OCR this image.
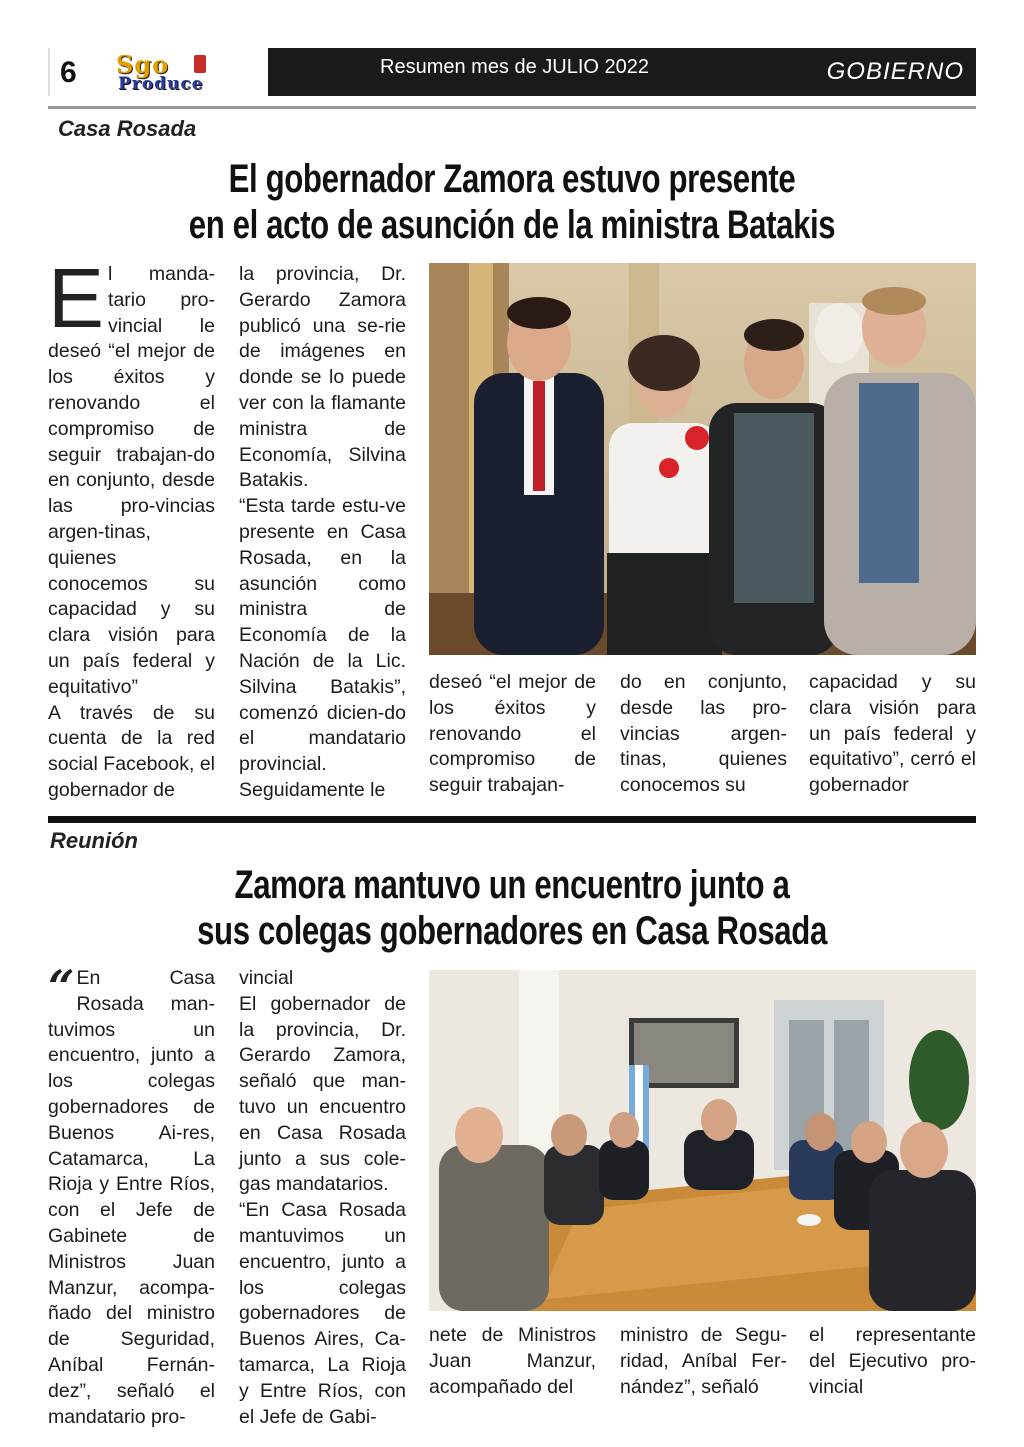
6 Sgo
Produce
Resumen mes de JULIO 2022	GOBIERNO
Casa Rosada
El gobernador Zamora estuvo presente
en el acto de asunción de la ministra Batakis
El manda-tario pro-vincial le deseó “el mejor de los éxitos y renovando el compromiso de seguir trabajan-do en conjunto, desde las pro-vincias argen-tinas, quienes conocemos su capacidad y su clara visión para un país federal y equitativo”
A través de su cuenta de la red social Facebook, el gobernador de
la provincia, Dr. Gerardo Zamora publicó una se-rie de imágenes en donde se lo puede ver con la flamante ministra de Economía, Silvina Batakis.
“Esta tarde estu-ve presente en Casa Rosada, en la asunción como ministra de Economía de la Nación de la Lic. Silvina Batakis”, comenzó dicien-do el mandatario provincial.
Seguidamente le
deseó “el mejor de los éxitos y renovando el compromiso de seguir trabajan-
do en conjunto, desde las pro-vincias argen-tinas, quienes conocemos su
capacidad y su clara visión para un país federal y equitativo”, cerró el gobernador
Reunión
Zamora mantuvo un encuentro junto a
sus colegas gobernadores en Casa Rosada
“ En Casa Rosada man-tuvimos un encuentro, junto a los colegas gobernadores de Buenos Ai-res, Catamarca, La Rioja y Entre Ríos, con el Jefe de Gabinete de Ministros Juan Manzur, acompa-ñado del ministro de Seguridad, Aníbal Fernán-dez”, señaló el mandatario pro-
vincial
El gobernador de la provincia, Dr. Gerardo Zamora, señaló que man-tuvo un encuentro en Casa Rosada junto a sus cole-gas mandatarios.
“En Casa Rosada mantuvimos un encuentro, junto a los colegas gobernadores de Buenos Aires, Ca-tamarca, La Rioja y Entre Ríos, con el Jefe de Gabi-
nete de Ministros Juan Manzur, acompañado del
ministro de Segu-ridad, Aníbal Fer-nández”, señaló
el representante del Ejecutivo pro-vincial
